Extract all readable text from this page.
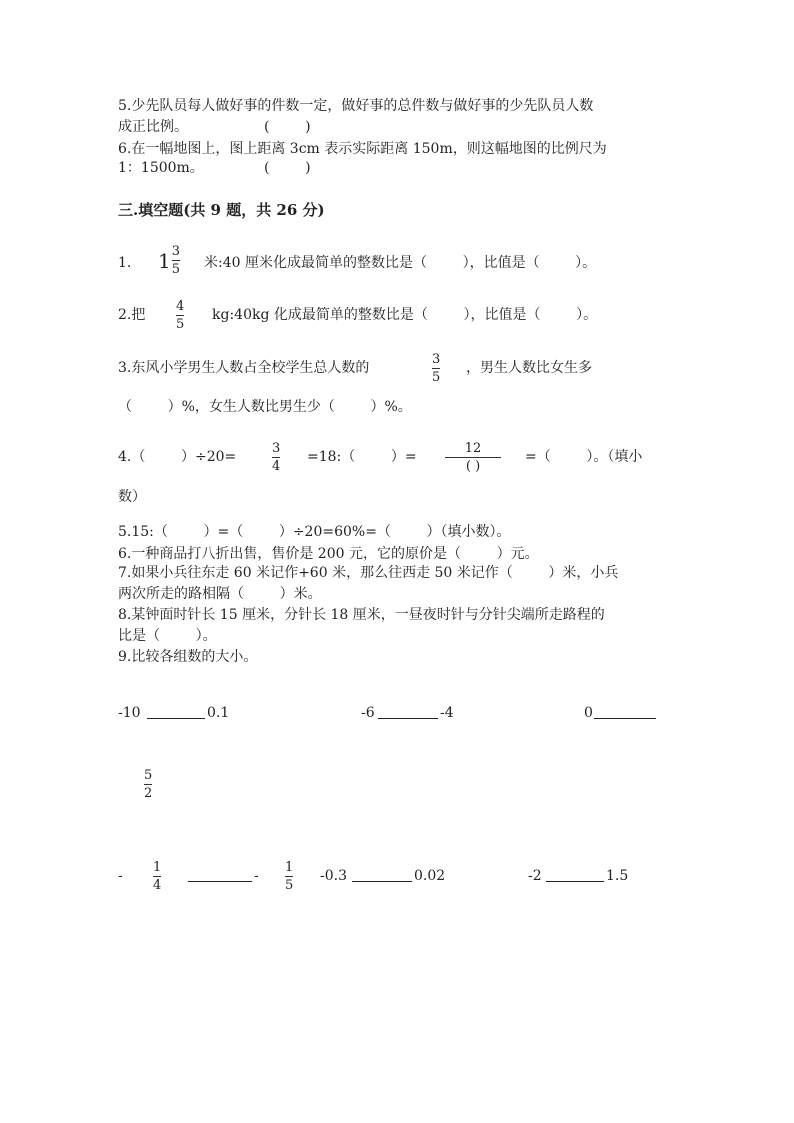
5.少先队员每人做好事的件数一定，做好事的总件数与做好事的少先队员人数
成正比例。	(        )
6.在一幅地图上，图上距离 3cm 表示实际距离 150m，则这幅地图的比例尺为
1：1500m。	(        )
三.填空题(共 9 题，共 26 分)
1. $1 \frac{3}{5}$ 米:40 厘米化成最简单的整数比是（        ），比值是（        ）。
2.把
4
5
kg:40kg 化成最简单的整数比是（        ），比值是（        ）。
3.东风小学男生人数占全校学生总人数的
3
5
，男生人数比女生多
（        ）%，女生人数比男生少（        ）%。
4.（        ）÷20=
3
4
=18:（        ）=
12
( )
=（        ）。（填小
数）
5.15:（        ）=（        ）÷20=60%=（        ）（填小数）。
6.一种商品打八折出售，售价是 200 元，它的原价是（        ）元。
7.如果小兵往东走 60 米记作+60 米，那么往西走 50 米记作（        ）米，小兵
两次所走的路相隔（        ）米。
8.某钟面时针长 15 厘米，分针长 18 厘米，一昼夜时针与分针尖端所走路程的
比是（        ）。
9.比较各组数的大小。
-10	0.1	-6	-4	0
5
2
-
1
4
-
1
5
-0.3	0.02	-2	1.5
